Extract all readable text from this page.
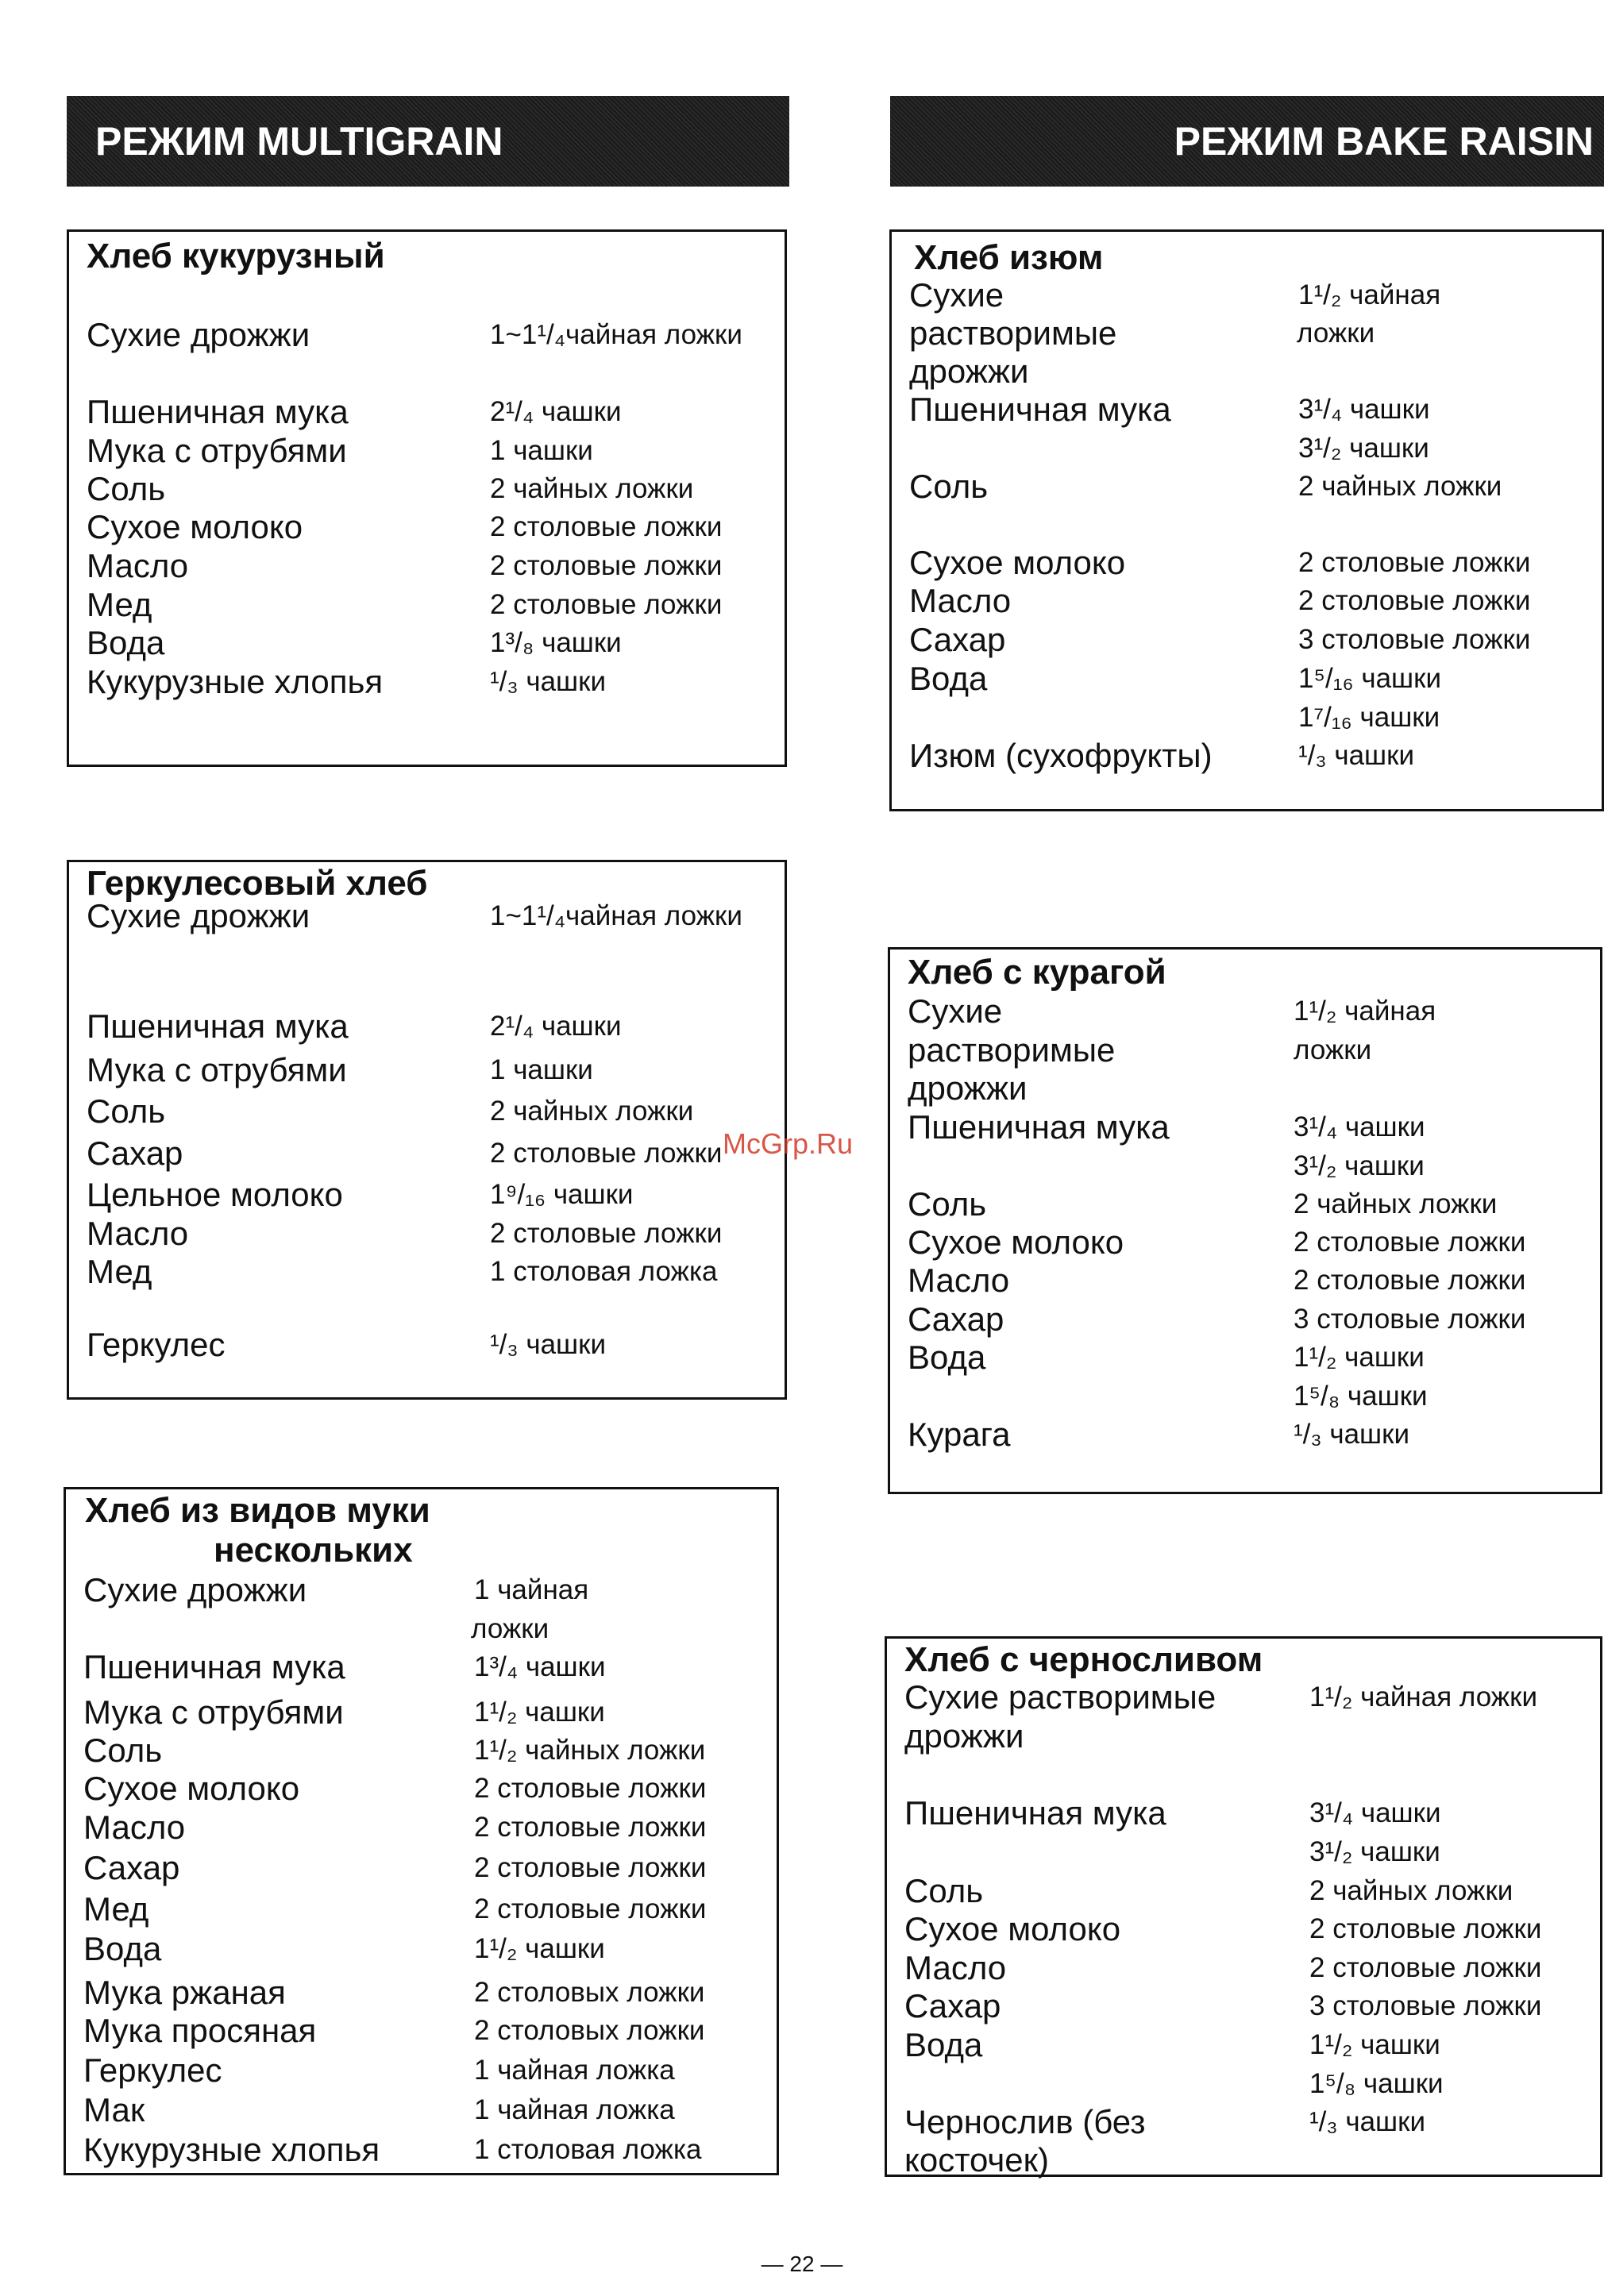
РЕЖИМ MULTIGRAIN	РЕЖИМ BAKE RAISIN
Хлеб кукурузный
Сухие дрожжи	1~1¹/₄чайная ложки
Пшеничная мука	2¹/₄ чашки
Мука с отрубями	1 чашки
Соль	2 чайных ложки
Сухое молоко	2 столовые ложки
Масло	2 столовые ложки
Мед	2 столовые ложки
Вода	1³/₈ чашки
Кукурузные хлопья	¹/₃ чашки
Геркулесовый хлеб
Сухие дрожжи	1~1¹/₄чайная ложки
Пшеничная мука	2¹/₄ чашки
Мука с отрубями	1 чашки
Соль	2 чайных ложки
Сахар	2 столовые ложки
Цельное молоко	1⁹/₁₆ чашки
Масло	2 столовые ложки
Мед	1 столовая ложка
Геркулес	¹/₃ чашки
Хлеб из видов муки
нескольких
Сухие дрожжи	1 чайная
ложки
Пшеничная мука	1³/₄ чашки
Мука с отрубями	1¹/₂ чашки
Соль	1¹/₂ чайных ложки
Сухое молоко	2 столовые ложки
Масло	2 столовые ложки
Сахар	2 столовые ложки
Мед	2 столовые ложки
Вода	1¹/₂ чашки
Мука ржаная	2 столовых ложки
Мука просяная	2 столовых ложки
Геркулес	1 чайная ложка
Мак	1 чайная ложка
Кукурузные хлопья	1 столовая ложка
Хлеб изюм
Сухие	1¹/₂ чайная
растворимые	ложки
дрожжи
Пшеничная мука	3¹/₄ чашки
3¹/₂ чашки
Соль	2 чайных ложки
Сухое молоко	2 столовые ложки
Масло	2 столовые ложки
Сахар	3 столовые ложки
Вода	1⁵/₁₆ чашки
1⁷/₁₆ чашки
Изюм (сухофрукты)	¹/₃ чашки
Хлеб с курагой
Сухие	1¹/₂ чайная
растворимые	ложки
дрожжи
Пшеничная мука	3¹/₄ чашки
3¹/₂ чашки
Соль	2 чайных ложки
Сухое молоко	2 столовые ложки
Масло	2 столовые ложки
Сахар	3 столовые ложки
Вода	1¹/₂ чашки
1⁵/₈ чашки
Курага	¹/₃ чашки
Хлеб с черносливом
Сухие растворимые	1¹/₂ чайная ложки
дрожжи
Пшеничная мука	3¹/₄ чашки
3¹/₂ чашки
Соль	2 чайных ложки
Сухое молоко	2 столовые ложки
Масло	2 столовые ложки
Сахар	3 столовые ложки
Вода	1¹/₂ чашки
1⁵/₈ чашки
Чернослив (без	¹/₃ чашки
косточек)
McGrp.Ru
— 22 —
